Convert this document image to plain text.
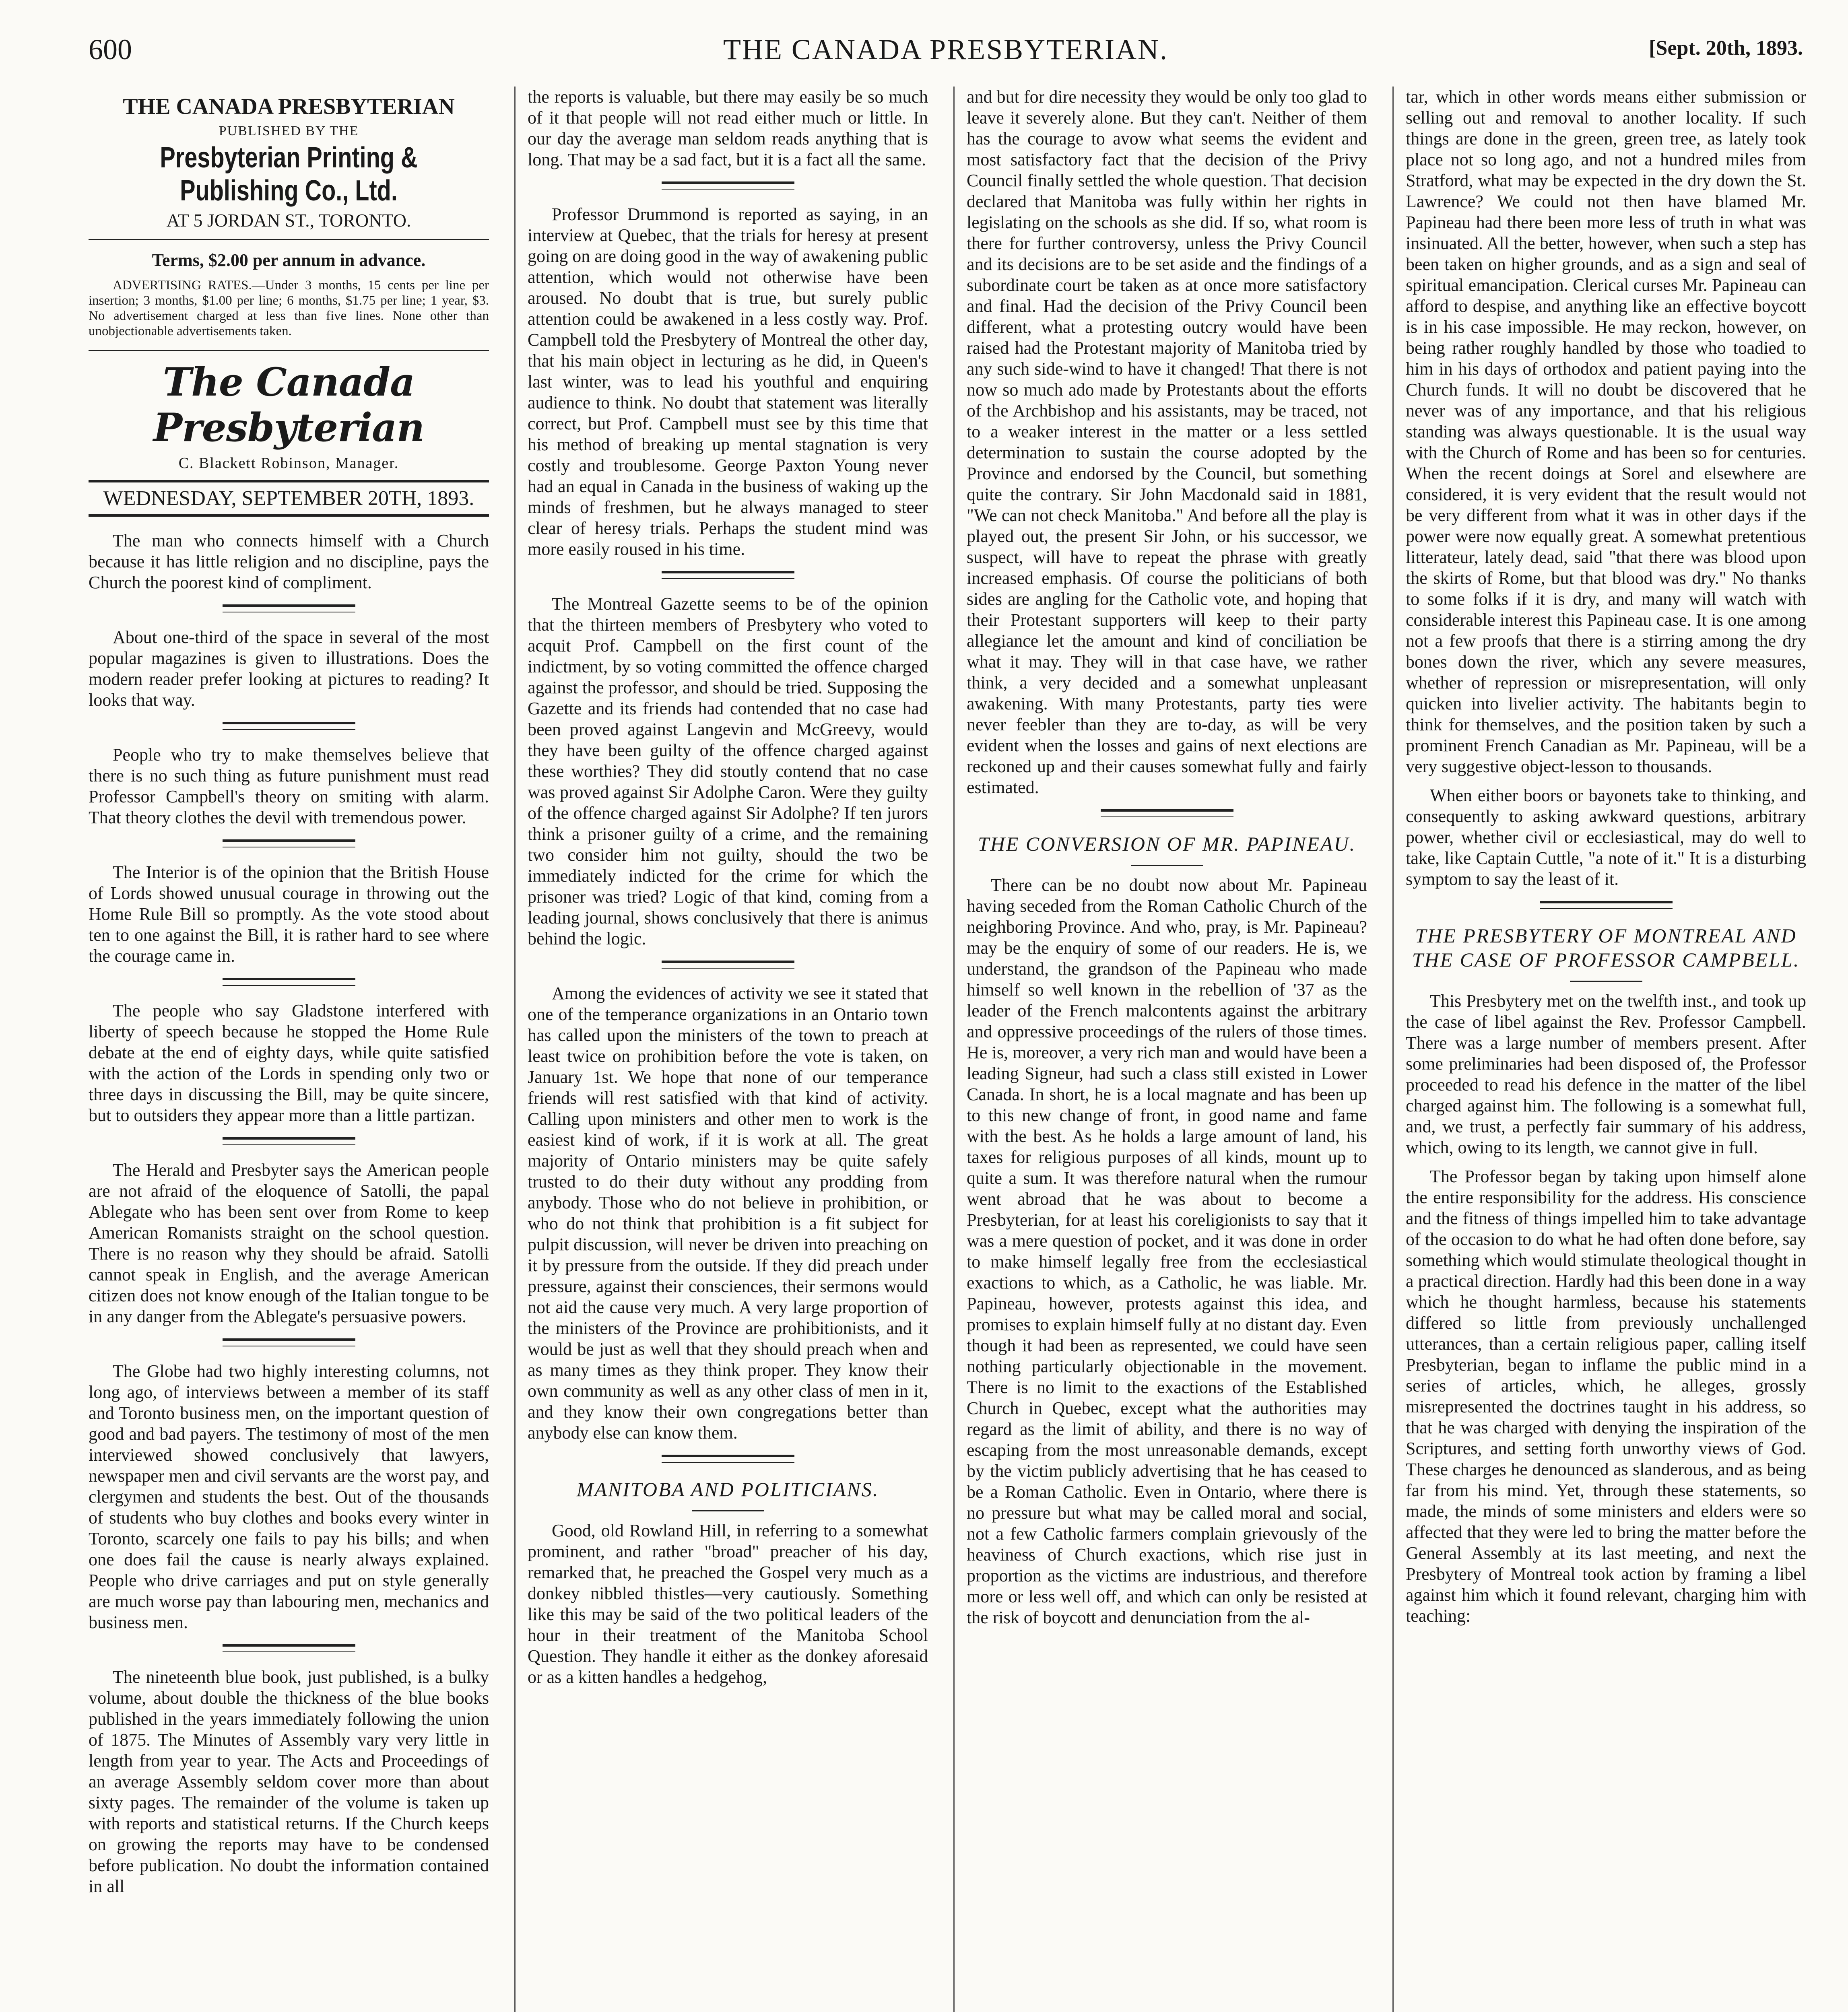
600	THE CANADA PRESBYTERIAN.	[Sept. 20th, 1893.
THE CANADA PRESBYTERIAN
PUBLISHED BY THE
Presbyterian Printing & Publishing Co., Ltd.
AT 5 JORDAN ST., TORONTO.
Terms, $2.00 per annum in advance.
ADVERTISING RATES.—Under 3 months, 15 cents per line per insertion; 3 months, $1.00 per line; 6 months, $1.75 per line; 1 year, $3. No advertisement charged at less than five lines. None other than unobjectionable advertisements taken.
The Canada Presbyterian
C. Blackett Robinson, Manager.
WEDNESDAY, SEPTEMBER 20TH, 1893.

The man who connects himself with a Church because it has little religion and no discipline, pays the Church the poorest kind of compliment.

About one-third of the space in several of the most popular magazines is given to illustrations. Does the modern reader prefer looking at pictures to reading? It looks that way.

People who try to make themselves believe that there is no such thing as future punishment must read Professor Campbell's theory on smiting with alarm. That theory clothes the devil with tremendous power.

The Interior is of the opinion that the British House of Lords showed unusual courage in throwing out the Home Rule Bill so promptly. As the vote stood about ten to one against the Bill, it is rather hard to see where the courage came in.

The people who say Gladstone interfered with liberty of speech because he stopped the Home Rule debate at the end of eighty days, while quite satisfied with the action of the Lords in spending only two or three days in discussing the Bill, may be quite sincere, but to outsiders they appear more than a little partizan.

The Herald and Presbyter says the American people are not afraid of the eloquence of Satolli, the papal Ablegate who has been sent over from Rome to keep American Romanists straight on the school question. There is no reason why they should be afraid. Satolli cannot speak in English, and the average American citizen does not know enough of the Italian tongue to be in any danger from the Ablegate's persuasive powers.

The Globe had two highly interesting columns, not long ago, of interviews between a member of its staff and Toronto business men, on the important question of good and bad payers. The testimony of most of the men interviewed showed conclusively that lawyers, newspaper men and civil servants are the worst pay, and clergymen and students the best. Out of the thousands of students who buy clothes and books every winter in Toronto, scarcely one fails to pay his bills; and when one does fail the cause is nearly always explained. People who drive carriages and put on style generally are much worse pay than labouring men, mechanics and business men.

The nineteenth blue book, just published, is a bulky volume, about double the thickness of the blue books published in the years immediately following the union of 1875. The Minutes of Assembly vary very little in length from year to year. The Acts and Proceedings of an average Assembly seldom cover more than about sixty pages. The remainder of the volume is taken up with reports and statistical returns. If the Church keeps on growing the reports may have to be condensed before publication. No doubt the information contained in all

the reports is valuable, but there may easily be so much of it that people will not read either much or little. In our day the average man seldom reads anything that is long. That may be a sad fact, but it is a fact all the same.

Professor Drummond is reported as saying, in an interview at Quebec, that the trials for heresy at present going on are doing good in the way of awakening public attention, which would not otherwise have been aroused. No doubt that is true, but surely public attention could be awakened in a less costly way. Prof. Campbell told the Presbytery of Montreal the other day, that his main object in lecturing as he did, in Queen's last winter, was to lead his youthful and enquiring audience to think. No doubt that statement was literally correct, but Prof. Campbell must see by this time that his method of breaking up mental stagnation is very costly and troublesome. George Paxton Young never had an equal in Canada in the business of waking up the minds of freshmen, but he always managed to steer clear of heresy trials. Perhaps the student mind was more easily roused in his time.

The Montreal Gazette seems to be of the opinion that the thirteen members of Presbytery who voted to acquit Prof. Campbell on the first count of the indictment, by so voting committed the offence charged against the professor, and should be tried. Supposing the Gazette and its friends had contended that no case had been proved against Langevin and McGreevy, would they have been guilty of the offence charged against these worthies? They did stoutly contend that no case was proved against Sir Adolphe Caron. Were they guilty of the offence charged against Sir Adolphe? If ten jurors think a prisoner guilty of a crime, and the remaining two consider him not guilty, should the two be immediately indicted for the crime for which the prisoner was tried? Logic of that kind, coming from a leading journal, shows conclusively that there is animus behind the logic.

Among the evidences of activity we see it stated that one of the temperance organizations in an Ontario town has called upon the ministers of the town to preach at least twice on prohibition before the vote is taken, on January 1st. We hope that none of our temperance friends will rest satisfied with that kind of activity. Calling upon ministers and other men to work is the easiest kind of work, if it is work at all. The great majority of Ontario ministers may be quite safely trusted to do their duty without any prodding from anybody. Those who do not believe in prohibition, or who do not think that prohibition is a fit subject for pulpit discussion, will never be driven into preaching on it by pressure from the outside. If they did preach under pressure, against their consciences, their sermons would not aid the cause very much. A very large proportion of the ministers of the Province are prohibitionists, and it would be just as well that they should preach when and as many times as they think proper. They know their own community as well as any other class of men in it, and they know their own congregations better than anybody else can know them.

MANITOBA AND POLITICIANS.

Good, old Rowland Hill, in referring to a somewhat prominent, and rather "broad" preacher of his day, remarked that, he preached the Gospel very much as a donkey nibbled thistles—very cautiously. Something like this may be said of the two political leaders of the hour in their treatment of the Manitoba School Question. They handle it either as the donkey aforesaid or as a kitten handles a hedgehog,

and but for dire necessity they would be only too glad to leave it severely alone. But they can't. Neither of them has the courage to avow what seems the evident and most satisfactory fact that the decision of the Privy Council finally settled the whole question. That decision declared that Manitoba was fully within her rights in legislating on the schools as she did. If so, what room is there for further controversy, unless the Privy Council and its decisions are to be set aside and the findings of a subordinate court be taken as at once more satisfactory and final. Had the decision of the Privy Council been different, what a protesting outcry would have been raised had the Protestant majority of Manitoba tried by any such side-wind to have it changed! That there is not now so much ado made by Protestants about the efforts of the Archbishop and his assistants, may be traced, not to a weaker interest in the matter or a less settled determination to sustain the course adopted by the Province and endorsed by the Council, but something quite the contrary. Sir John Macdonald said in 1881, "We can not check Manitoba." And before all the play is played out, the present Sir John, or his successor, we suspect, will have to repeat the phrase with greatly increased emphasis. Of course the politicians of both sides are angling for the Catholic vote, and hoping that their Protestant supporters will keep to their party allegiance let the amount and kind of conciliation be what it may. They will in that case have, we rather think, a very decided and a somewhat unpleasant awakening. With many Protestants, party ties were never feebler than they are to-day, as will be very evident when the losses and gains of next elections are reckoned up and their causes somewhat fully and fairly estimated.

THE CONVERSION OF MR. PAPINEAU.

There can be no doubt now about Mr. Papineau having seceded from the Roman Catholic Church of the neighboring Province. And who, pray, is Mr. Papineau? may be the enquiry of some of our readers. He is, we understand, the grandson of the Papineau who made himself so well known in the rebellion of '37 as the leader of the French malcontents against the arbitrary and oppressive proceedings of the rulers of those times. He is, moreover, a very rich man and would have been a leading Signeur, had such a class still existed in Lower Canada. In short, he is a local magnate and has been up to this new change of front, in good name and fame with the best. As he holds a large amount of land, his taxes for religious purposes of all kinds, mount up to quite a sum. It was therefore natural when the rumour went abroad that he was about to become a Presbyterian, for at least his coreligionists to say that it was a mere question of pocket, and it was done in order to make himself legally free from the ecclesiastical exactions to which, as a Catholic, he was liable. Mr. Papineau, however, protests against this idea, and promises to explain himself fully at no distant day. Even though it had been as represented, we could have seen nothing particularly objectionable in the movement. There is no limit to the exactions of the Established Church in Quebec, except what the authorities may regard as the limit of ability, and there is no way of escaping from the most unreasonable demands, except by the victim publicly advertising that he has ceased to be a Roman Catholic. Even in Ontario, where there is no pressure but what may be called moral and social, not a few Catholic farmers complain grievously of the heaviness of Church exactions, which rise just in proportion as the victims are industrious, and therefore more or less well off, and which can only be resisted at the risk of boycott and denunciation from the al-

tar, which in other words means either submission or selling out and removal to another locality. If such things are done in the green, green tree, as lately took place not so long ago, and not a hundred miles from Stratford, what may be expected in the dry down the St. Lawrence? We could not then have blamed Mr. Papineau had there been more less of truth in what was insinuated. All the better, however, when such a step has been taken on higher grounds, and as a sign and seal of spiritual emancipation. Clerical curses Mr. Papineau can afford to despise, and anything like an effective boycott is in his case impossible. He may reckon, however, on being rather roughly handled by those who toadied to him in his days of orthodox and patient paying into the Church funds. It will no doubt be discovered that he never was of any importance, and that his religious standing was always questionable. It is the usual way with the Church of Rome and has been so for centuries. When the recent doings at Sorel and elsewhere are considered, it is very evident that the result would not be very different from what it was in other days if the power were now equally great. A somewhat pretentious litterateur, lately dead, said "that there was blood upon the skirts of Rome, but that blood was dry." No thanks to some folks if it is dry, and many will watch with considerable interest this Papineau case. It is one among not a few proofs that there is a stirring among the dry bones down the river, which any severe measures, whether of repression or misrepresentation, will only quicken into livelier activity. The habitants begin to think for themselves, and the position taken by such a prominent French Canadian as Mr. Papineau, will be a very suggestive object-lesson to thousands.

When either boors or bayonets take to thinking, and consequently to asking awkward questions, arbitrary power, whether civil or ecclesiastical, may do well to take, like Captain Cuttle, "a note of it." It is a disturbing symptom to say the least of it.

THE PRESBYTERY OF MONTREAL AND THE CASE OF PROFESSOR CAMPBELL.

This Presbytery met on the twelfth inst., and took up the case of libel against the Rev. Professor Campbell. There was a large number of members present. After some preliminaries had been disposed of, the Professor proceeded to read his defence in the matter of the libel charged against him. The following is a somewhat full, and, we trust, a perfectly fair summary of his address, which, owing to its length, we cannot give in full.

The Professor began by taking upon himself alone the entire responsibility for the address. His conscience and the fitness of things impelled him to take advantage of the occasion to do what he had often done before, say something which would stimulate theological thought in a practical direction. Hardly had this been done in a way which he thought harmless, because his statements differed so little from previously unchallenged utterances, than a certain religious paper, calling itself Presbyterian, began to inflame the public mind in a series of articles, which, he alleges, grossly misrepresented the doctrines taught in his address, so that he was charged with denying the inspiration of the Scriptures, and setting forth unworthy views of God. These charges he denounced as slanderous, and as being far from his mind. Yet, through these statements, so made, the minds of some ministers and elders were so affected that they were led to bring the matter before the General Assembly at its last meeting, and next the Presbytery of Montreal took action by framing a libel against him which it found relevant, charging him with teaching:
